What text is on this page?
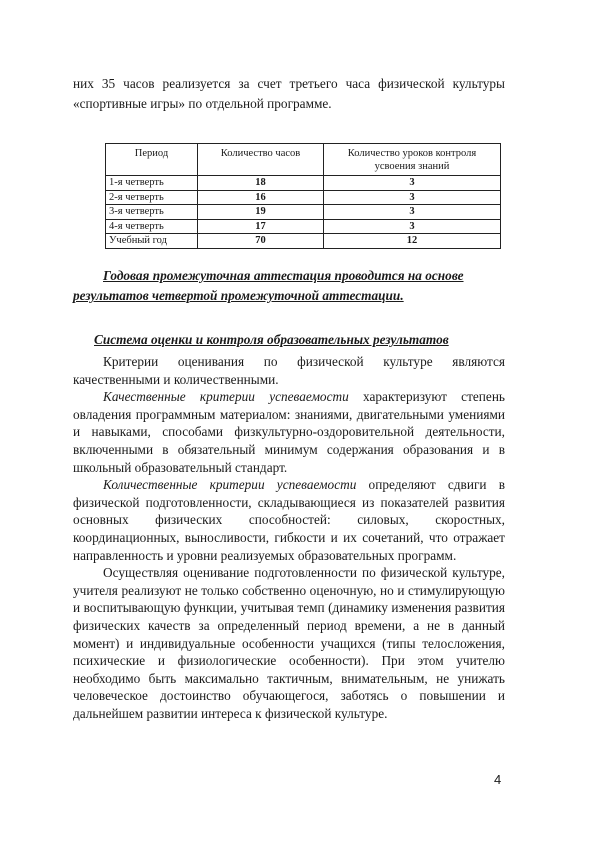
них 35 часов реализуется за счет третьего часа физической культуры
«спортивные игры» по отдельной программе.
Период	Количество часов	Количество уроков контроля усвоения знаний
1-я четверть	18	3
2-я четверть	16	3
3-я четверть	19	3
4-я четверть	17	3
Учебный год	70	12
Годовая промежуточная аттестация проводится на основе
результатов четвертой промежуточной аттестации.
Система оценки и контроля образовательных результатов

Критерии оценивания по физической культуре являются качественными и количественными.

Качественные критерии успеваемости характеризуют степень овладения программным материалом: знаниями, двигательными умениями и навыками, способами физкультурно-оздоровительной деятельности, включенными в обязательный минимум содержания образования и в школьный образовательный стандарт.

Количественные критерии успеваемости определяют сдвиги в физической подготовленности, складывающиеся из показателей развития основных физических способностей: силовых, скоростных, координационных, выносливости, гибкости и их сочетаний, что отражает направленность и уровни реализуемых образовательных программ.

Осуществляя оценивание подготовленности по физической культуре, учителя реализуют не только собственно оценочную, но и стимулирующую и воспитывающую функции, учитывая темп (динамику изменения развития физических качеств за определенный период времени, а не в данный момент) и индивидуальные особенности учащихся (типы телосложения, психические и физиологические особенности). При этом учителю необходимо быть максимально тактичным, внимательным, не унижать человеческое достоинство обучающегося, заботясь о повышении и дальнейшем развитии интереса к физической культуре.

4
